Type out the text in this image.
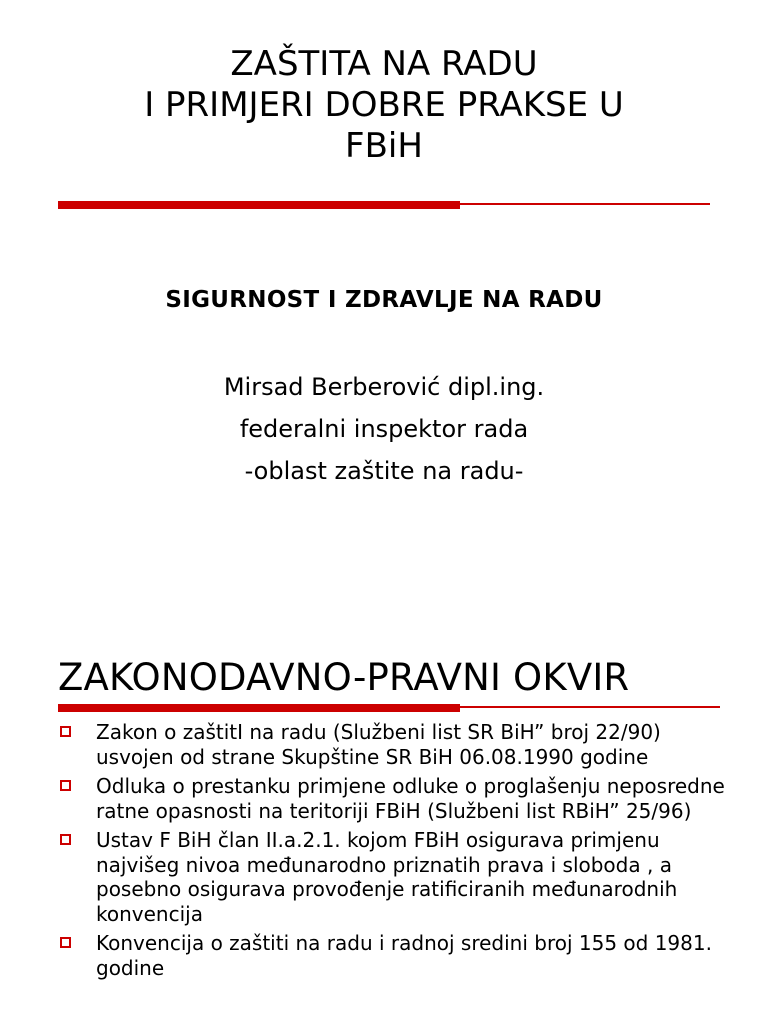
ZAŠTITA NA RADU
I PRIMJERI DOBRE PRAKSE U
FBiH
SIGURNOST I ZDRAVLJE NA RADU
Mirsad Berberović dipl.ing.
federalni inspektor rada
-oblast zaštite na radu-
ZAKONODAVNO-PRAVNI OKVIR
Zakon o zaštitI na radu (Službeni list SR BiH” broj 22/90) usvojen od strane Skupštine SR BiH 06.08.1990 godine
Odluka o prestanku primjene odluke o proglašenju neposredne ratne opasnosti na teritoriji FBiH (Službeni list RBiH” 25/96)
Ustav F BiH član II.a.2.1. kojom FBiH osigurava primjenu najvišeg nivoa međunarodno priznatih prava i sloboda , a posebno osigurava provođenje ratificiranih međunarodnih konvencija
Konvencija o zaštiti na radu i radnoj sredini broj 155 od 1981. godine
